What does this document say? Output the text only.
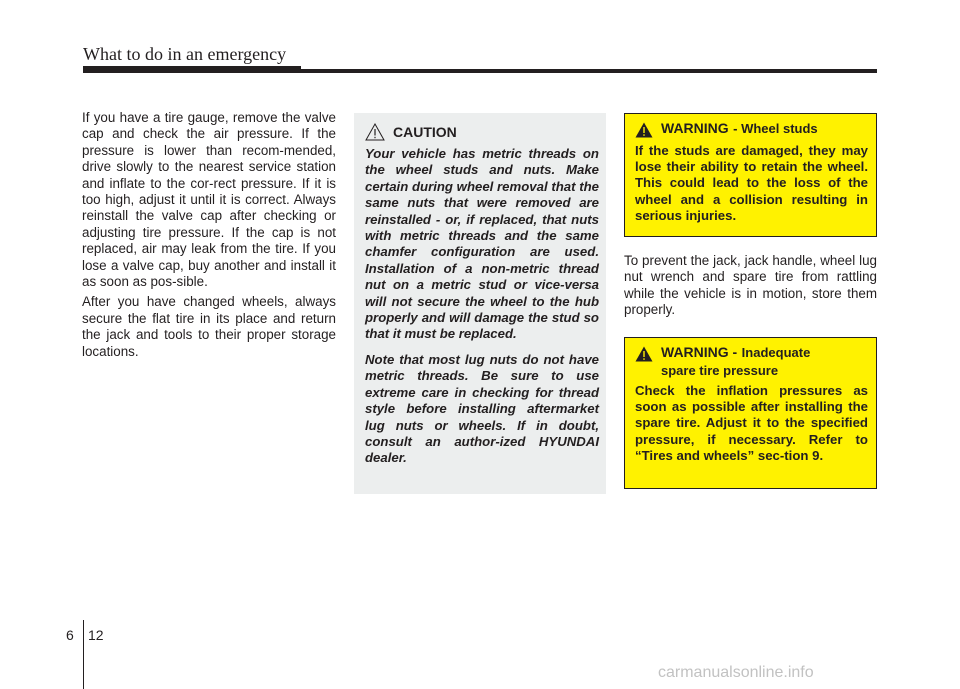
What to do in an emergency

If you have a tire gauge, remove the valve cap and check the air pressure. If the pressure is lower than recom-mended, drive slowly to the nearest service station and inflate to the cor-rect pressure. If it is too high, adjust it until it is correct. Always reinstall the valve cap after checking or adjusting tire pressure. If the cap is not replaced, air may leak from the tire. If you lose a valve cap, buy another and install it as soon as pos-sible.

After you have changed wheels, always secure the flat tire in its place and return the jack and tools to their proper storage locations.

CAUTION

Your vehicle has metric threads on the wheel studs and nuts. Make certain during wheel removal that the same nuts that were removed are reinstalled - or, if replaced, that nuts with metric threads and the same chamfer configuration are used. Installation of a non-metric thread nut on a metric stud or vice-versa will not secure the wheel to the hub properly and will damage the stud so that it must be replaced.

Note that most lug nuts do not have metric threads. Be sure to use extreme care in checking for thread style before installing aftermarket lug nuts or wheels. If in doubt, consult an author-ized HYUNDAI dealer.

WARNING - Wheel studs
If the studs are damaged, they may lose their ability to retain the wheel. This could lead to the loss of the wheel and a collision resulting in serious injuries.
To prevent the jack, jack handle, wheel lug nut wrench and spare tire from rattling while the vehicle is in motion, store them properly.
WARNING - Inadequate
spare tire pressure
Check the inflation pressures as soon as possible after installing the spare tire. Adjust it to the specified pressure, if necessary. Refer to “Tires and wheels” sec-tion 9.
6 12
carmanualsonline.info
